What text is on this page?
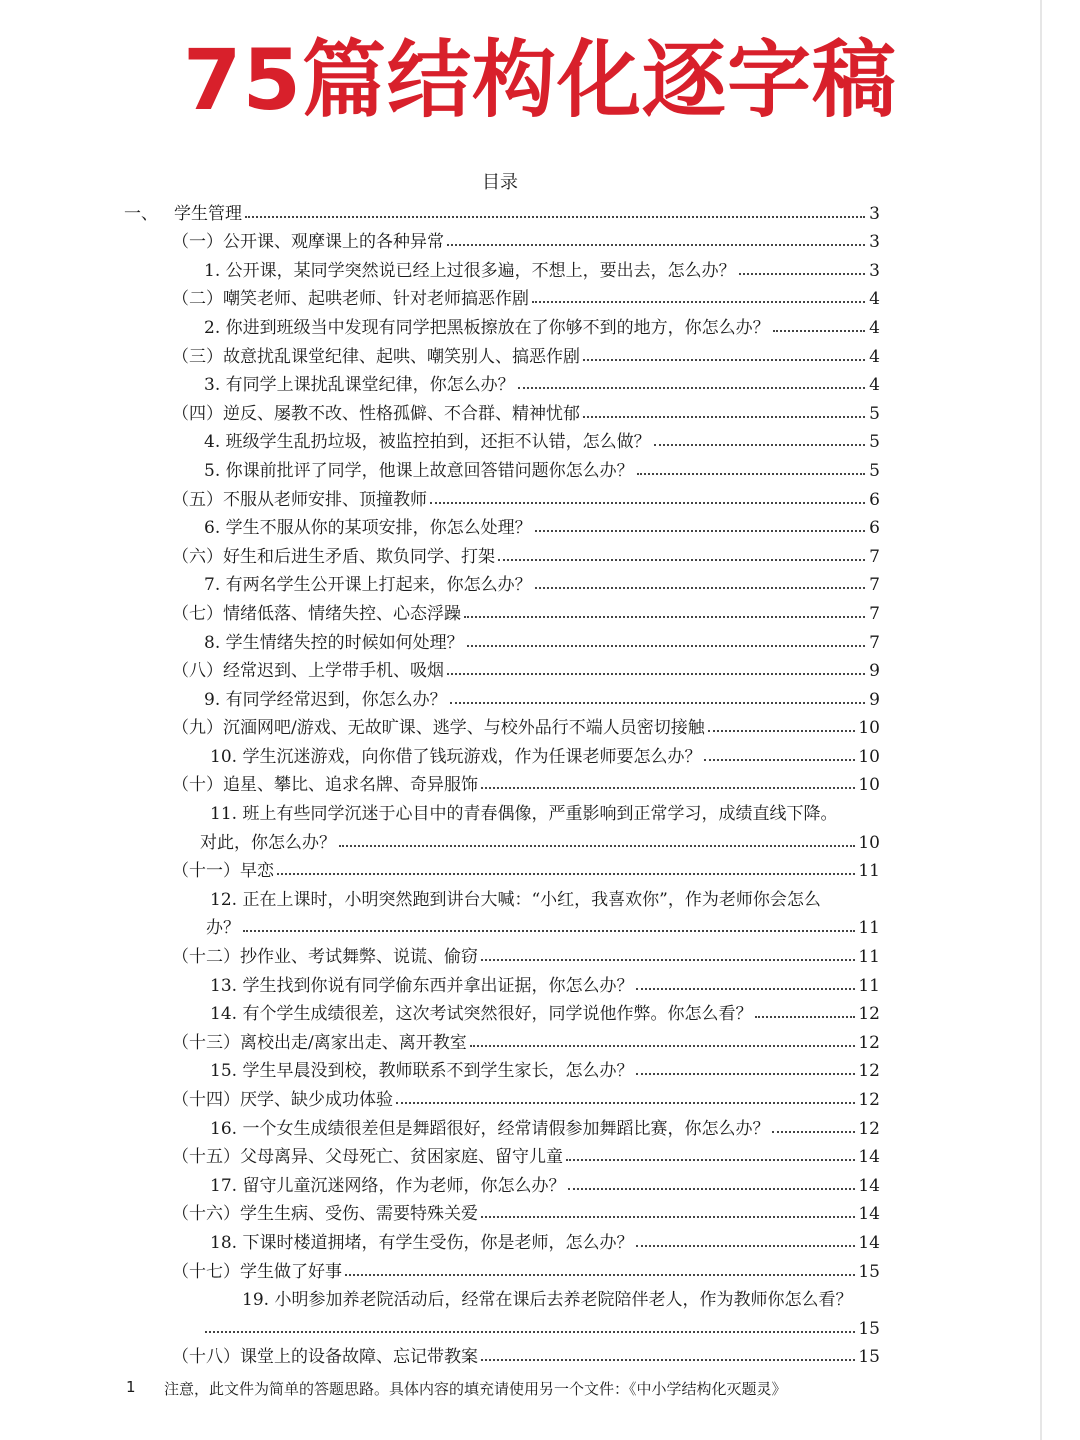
75篇结构化逐字稿
目录
一、 学生管理	3
（一）公开课、观摩课上的各种异常	3
1. 公开课，某同学突然说已经上过很多遍，不想上，要出去，怎么办？	3
（二）嘲笑老师、起哄老师、针对老师搞恶作剧	4
2. 你进到班级当中发现有同学把黑板擦放在了你够不到的地方，你怎么办？	4
（三）故意扰乱课堂纪律、起哄、嘲笑别人、搞恶作剧	4
3. 有同学上课扰乱课堂纪律，你怎么办？	4
（四）逆反、屡教不改、性格孤僻、不合群、精神忧郁	5
4. 班级学生乱扔垃圾，被监控拍到，还拒不认错，怎么做？	5
5. 你课前批评了同学，他课上故意回答错问题你怎么办？	5
（五）不服从老师安排、顶撞教师	6
6. 学生不服从你的某项安排，你怎么处理？	6
（六）好生和后进生矛盾、欺负同学、打架	7
7. 有两名学生公开课上打起来，你怎么办？	7
（七）情绪低落、情绪失控、心态浮躁	7
8. 学生情绪失控的时候如何处理？	7
（八）经常迟到、上学带手机、吸烟	9
9. 有同学经常迟到，你怎么办？	9
（九）沉湎网吧/游戏、无故旷课、逃学、与校外品行不端人员密切接触	10
10. 学生沉迷游戏，向你借了钱玩游戏，作为任课老师要怎么办？	10
（十）追星、攀比、追求名牌、奇异服饰	10
11. 班上有些同学沉迷于心目中的青春偶像，严重影响到正常学习，成绩直线下降。
对此，你怎么办？	10
（十一）早恋	11
12. 正在上课时，小明突然跑到讲台大喊：“小红，我喜欢你”，作为老师你会怎么
办？	11
（十二）抄作业、考试舞弊、说谎、偷窃	11
13. 学生找到你说有同学偷东西并拿出证据，你怎么办？	11
14. 有个学生成绩很差，这次考试突然很好，同学说他作弊。你怎么看？	12
（十三）离校出走/离家出走、离开教室	12
15. 学生早晨没到校，教师联系不到学生家长，怎么办？	12
（十四）厌学、缺少成功体验	12
16. 一个女生成绩很差但是舞蹈很好，经常请假参加舞蹈比赛，你怎么办？	12
（十五）父母离异、父母死亡、贫困家庭、留守儿童	14
17. 留守儿童沉迷网络，作为老师，你怎么办？	14
（十六）学生生病、受伤、需要特殊关爱	14
18. 下课时楼道拥堵，有学生受伤，你是老师，怎么办？	14
（十七）学生做了好事	15
19. 小明参加养老院活动后，经常在课后去养老院陪伴老人，作为教师你怎么看？
15
（十八）课堂上的设备故障、忘记带教案	15
1	注意，此文件为简单的答题思路。具体内容的填充请使用另一个文件：《中小学结构化灭题灵》
